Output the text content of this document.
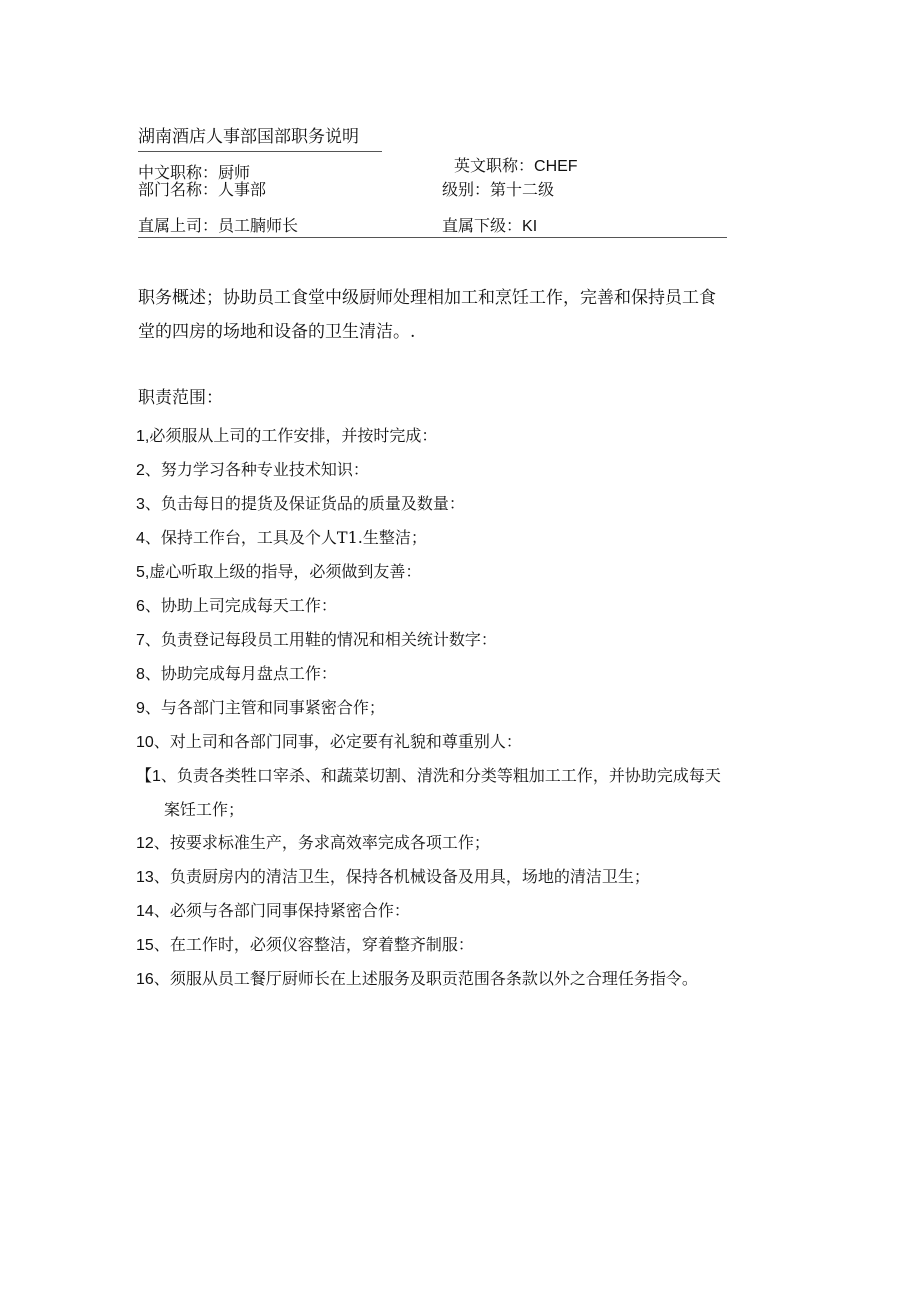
湖南酒店人事部国部职务说明
中文职称：厨师	英文职称：CHEF
部门名称：人事部	级别：第十二级
直属上司：员工腩师长	直属下级：KI
职务概述；协助员工食堂中级厨师处理相加工和烹饪工作，完善和保持员工食堂的四房的场地和设备的卫生清洁。.
职责范围：
1,必须服从上司的工作安排，并按时完成：
2、努力学习各种专业技术知识：
3、负击每日的提货及保证货品的质量及数量：
4、保持工作台，工具及个人T1.生整洁；
5,虚心听取上级的指导，必须做到友善：
6、协助上司完成每天工作：
7、负责登记每段员工用鞋的情况和相关统计数字：
8、协助完成每月盘点工作：
9、与各部门主管和同事紧密合作；
10、对上司和各部门同事，必定要有礼貌和尊重别人：
【1、负责各类牲口宰杀、和蔬菜切割、清洗和分类等粗加工工作，并协助完成每天案饪工作；
12、按要求标准生产，务求高效率完成各项工作；
13、负责厨房内的清洁卫生，保持各机械设备及用具，场地的清洁卫生；
14、必须与各部门同事保持紧密合作：
15、在工作时，必须仪容整洁，穿着整齐制服：
16、须服从员工餐厅厨师长在上述服务及职贡范围各条款以外之合理任务指令。
